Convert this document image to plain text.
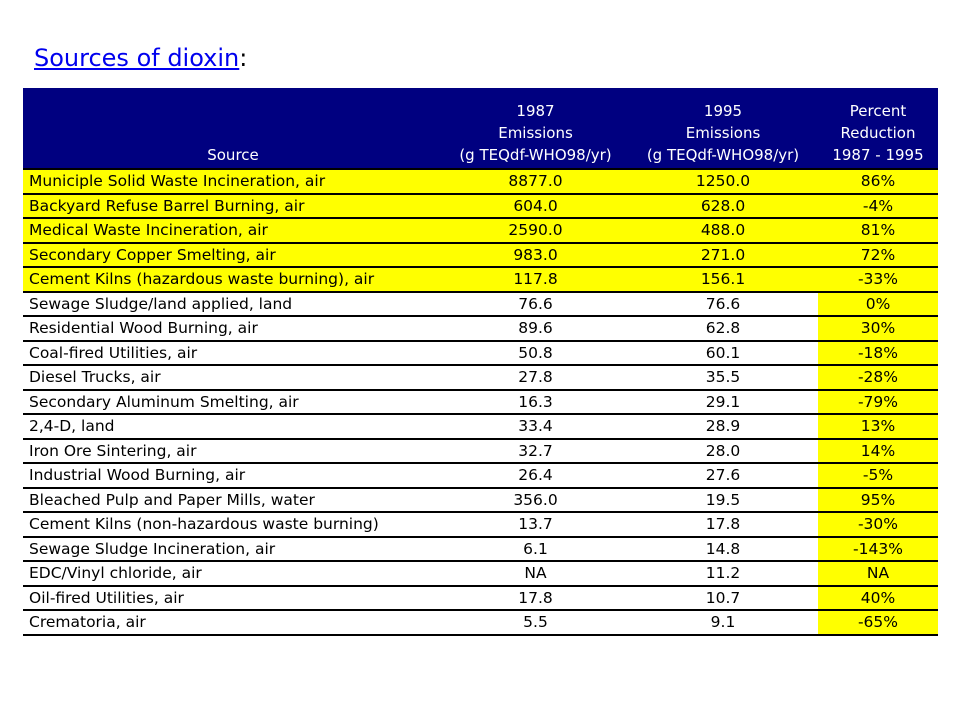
Sources of dioxin:
Source	1987
Emissions
(g TEQdf-WHO98/yr)	1995
Emissions
(g TEQdf-WHO98/yr)	Percent
Reduction
1987 - 1995

Municiple Solid Waste Incineration, air	8877.0	1250.0	86%
Backyard Refuse Barrel Burning, air	604.0	628.0	-4%
Medical Waste Incineration, air	2590.0	488.0	81%
Secondary Copper Smelting, air	983.0	271.0	72%
Cement Kilns (hazardous waste burning), air	117.8	156.1	-33%
Sewage Sludge/land applied, land	76.6	76.6	0%
Residential Wood Burning, air	89.6	62.8	30%
Coal-fired Utilities, air	50.8	60.1	-18%
Diesel Trucks, air	27.8	35.5	-28%
Secondary Aluminum Smelting, air	16.3	29.1	-79%
2,4-D, land	33.4	28.9	13%
Iron Ore Sintering, air	32.7	28.0	14%
Industrial Wood Burning, air	26.4	27.6	-5%
Bleached Pulp and Paper Mills, water	356.0	19.5	95%
Cement Kilns (non-hazardous waste burning)	13.7	17.8	-30%
Sewage Sludge Incineration, air	6.1	14.8	-143%
EDC/Vinyl chloride, air	NA	11.2	NA
Oil-fired Utilities, air	17.8	10.7	40%
Crematoria, air	5.5	9.1	-65%
